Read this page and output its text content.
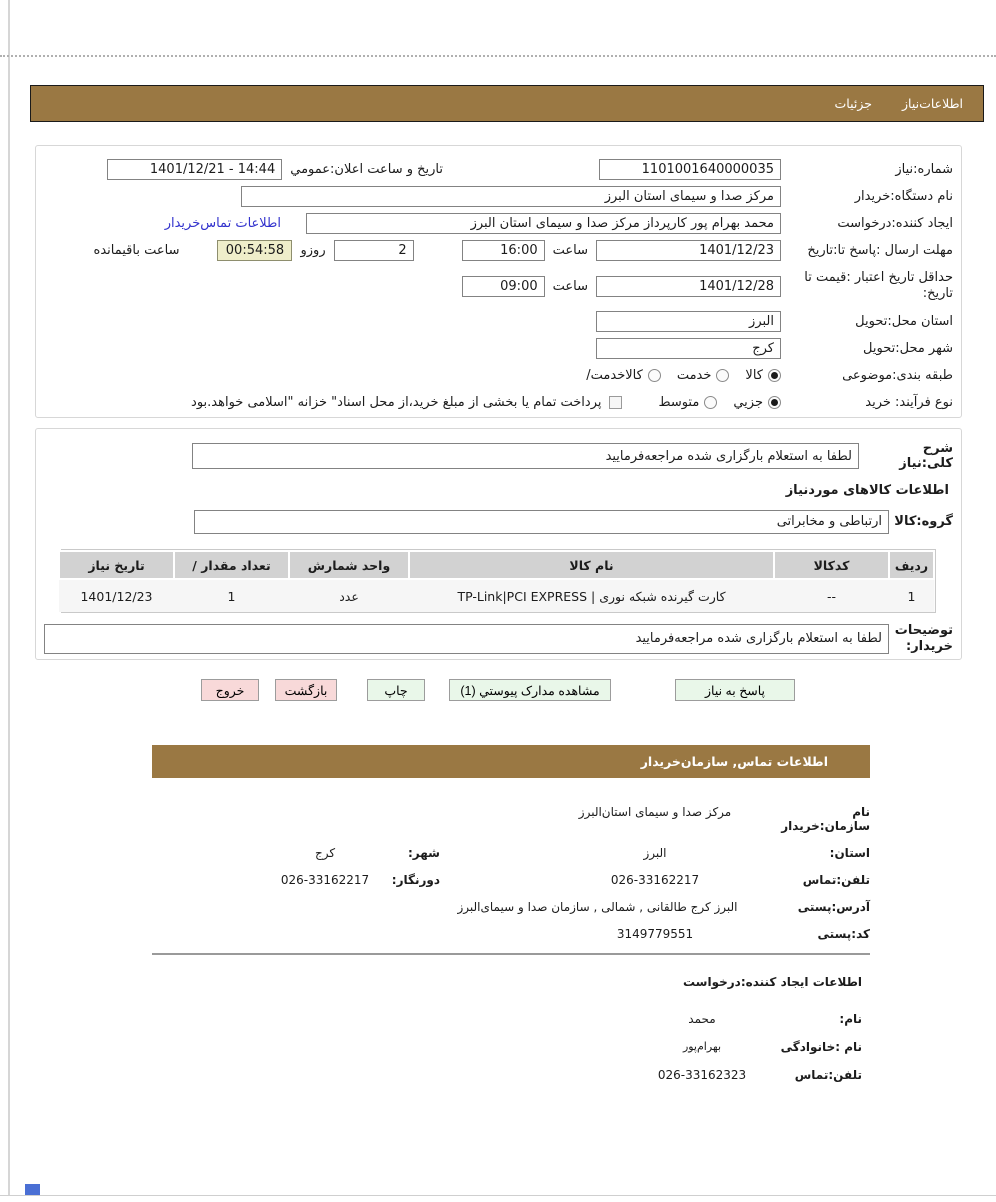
اطلاعات‌نیاز
جزئیات
شماره:نیاز
1101001640000035
تاریخ و ساعت اعلان:عمومي
1401/12/21 - 14:44
نام دستگاه:خریدار
مرکز صدا و سیمای استان البرز
ایجاد کننده:درخواست
محمد بهرام پور کارپرداز مرکز صدا و سیمای استان البرز
اطلاعات تماس‌خریدار
مهلت ارسال :پاسخ تا:تاریخ
1401/12/23
ساعت
16:00
2
روزو
00:54:58
ساعت باقیمانده
حداقل تاریخ اعتبار :قیمت تا
تاریخ:
1401/12/28
ساعت
09:00
استان محل:تحویل
البرز
شهر محل:تحویل
کرج
طبقه بندی:موضوعی
کالا
خدمت
کالاخدمت/
نوع فرآیند: خرید
جزیي
متوسط
پرداخت تمام یا بخشی از مبلغ خرید،از محل اسناد" خزانه "اسلامی خواهد.بود
شرح کلی:نیاز
لطفا به استعلام بارگزاری شده مراجعه‌فرمایید
اطلاعات کالاهای موردنیاز
گروه:کالا
ارتباطی و مخابراتی
ردیف	کدکالا	نام کالا	واحد شمارش	تعداد مقدار /	تاریخ نیاز
1	--	کارت گیرنده شبکه نوری | TP-Link|PCI EXPRESS	عدد	1	1401/12/23
توضیحات
خریدار:
لطفا به استعلام بارگزاری شده مراجعه‌فرمایید
پاسخ به نیاز
مشاهده مدارک پیوستي (1)
چاپ
بازگشت
خروج
اطلاعات تماس, سازمان‌خریدار
نام سازمان:خریدار
مرکز صدا و سیمای استان‌البرز
استان:
البرز
شهر:
کرج
تلفن:تماس
026-33162217
دورنگار:
026-33162217
آدرس:پستی
البرز کرج طالقانی , شمالی , سازمان صدا و سیمای‌البرز
کد:پستی
3149779551
اطلاعات ایجاد کننده:درخواست
نام:
محمد
نام :خانوادگی
بهرام‌پور
تلفن:تماس
026-33162323
